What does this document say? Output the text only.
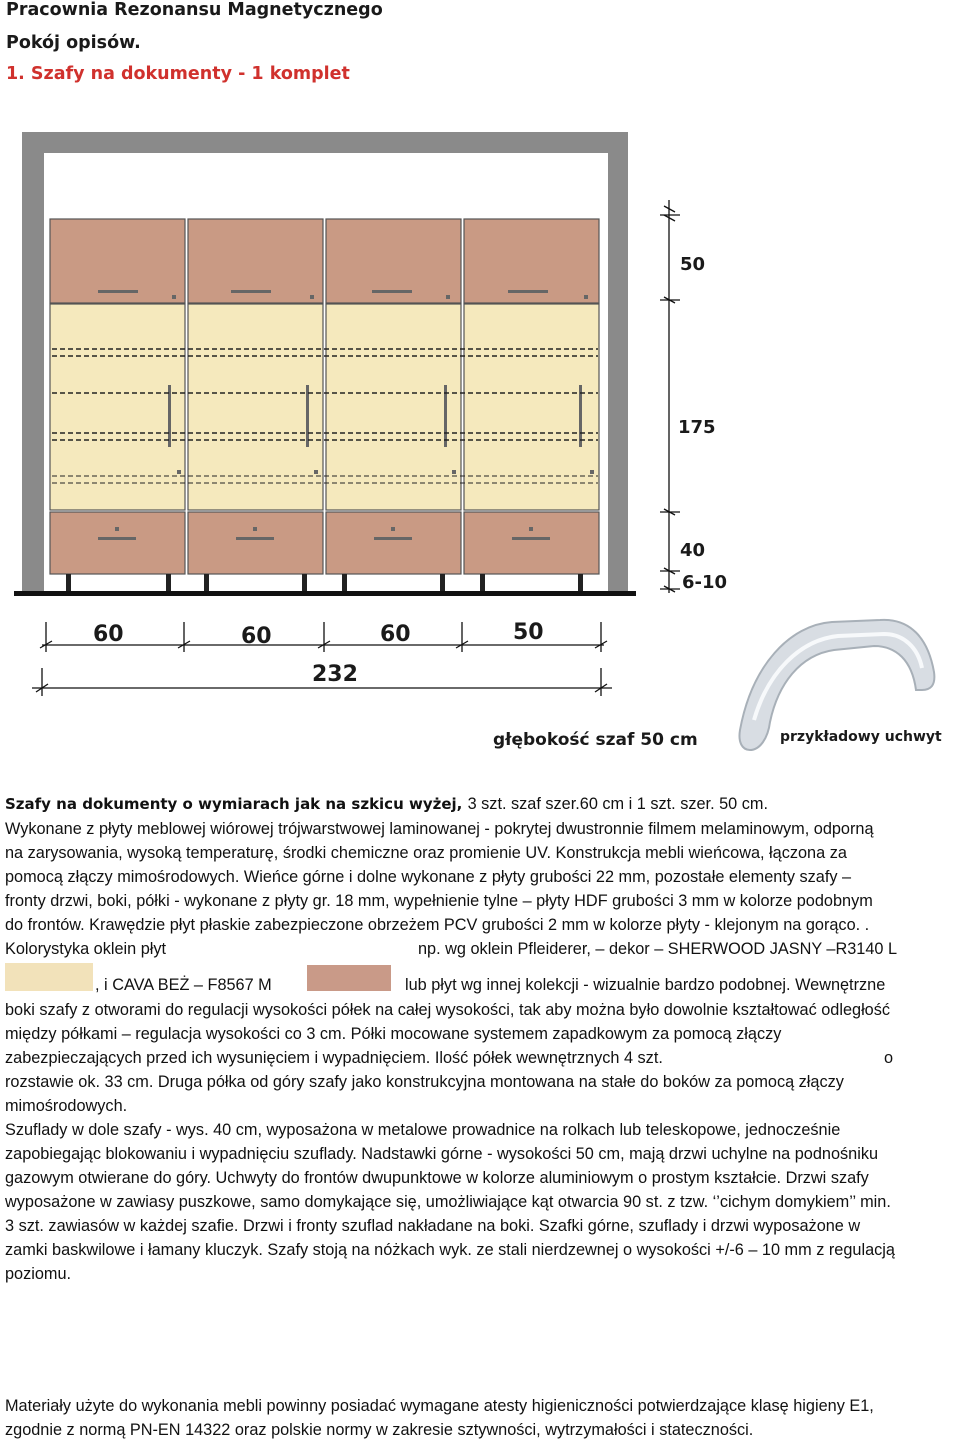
Pracownia Rezonansu Magnetycznego
Pokój opisów.
1. Szafy na dokumenty - 1 komplet
50
175
40
6-10
60	60	60	50
232
przykładowy uchwyt
głębokość szaf 50 cm
Szafy na dokumenty o wymiarach jak na szkicu wyżej, 3 szt. szaf szer.60 cm i 1 szt. szer. 50 cm.
Wykonane z płyty meblowej wiórowej trójwarstwowej laminowanej - pokrytej dwustronnie filmem melaminowym, odporną
na zarysowania, wysoką temperaturę, środki chemiczne oraz promienie UV. Konstrukcja mebli wieńcowa, łączona za
pomocą złączy mimośrodowych. Wieńce górne i dolne wykonane z płyty grubości 22 mm, pozostałe elementy szafy –
fronty drzwi, boki, półki - wykonane z płyty gr. 18 mm, wypełnienie tylne – płyty HDF grubości 3 mm w kolorze podobnym
do frontów. Krawędzie płyt płaskie zabezpieczone obrzeżem PCV grubości 2 mm w kolorze płyty - klejonym na gorąco. .
Kolorystyka oklein płyt	np. wg oklein Pfleiderer, – dekor – SHERWOOD JASNY –R3140 L
, i CAVA BEŻ – F8567 M	lub płyt wg innej kolekcji - wizualnie bardzo podobnej. Wewnętrzne
boki szafy z otworami do regulacji wysokości półek na całej wysokości, tak aby można było dowolnie kształtować odległość
między półkami – regulacja wysokości co 3 cm. Półki mocowane systemem zapadkowym za pomocą złączy
zabezpieczających przed ich wysunięciem i wypadnięciem. Ilość półek wewnętrznych 4 szt.	o
rozstawie ok. 33 cm. Druga półka od góry szafy jako konstrukcyjna montowana na stałe do boków za pomocą złączy
mimośrodowych.
Szuflady w dole szafy - wys. 40 cm, wyposażona w metalowe prowadnice na rolkach lub teleskopowe, jednocześnie
zapobiegając blokowaniu i wypadnięciu szuflady. Nadstawki górne - wysokości 50 cm, mają drzwi uchylne na podnośniku
gazowym otwierane do góry. Uchwyty do frontów dwupunktowe w kolorze aluminiowym o prostym kształcie. Drzwi szafy
wyposażone w zawiasy puszkowe, samo domykające się, umożliwiające kąt otwarcia 90 st. z tzw. ‘’cichym domykiem’’ min.
3 szt. zawiasów w każdej szafie. Drzwi i fronty szuflad nakładane na boki. Szafki górne, szuflady i drzwi wyposażone w
zamki baskwilowe i łamany kluczyk. Szafy stoją na nóżkach wyk. ze stali nierdzewnej o wysokości +/-6 – 10 mm z regulacją
poziomu.
Materiały użyte do wykonania mebli powinny posiadać wymagane atesty higieniczności potwierdzające klasę higieny E1,
zgodnie z normą PN-EN 14322 oraz polskie normy w zakresie sztywności, wytrzymałości i stateczności.
